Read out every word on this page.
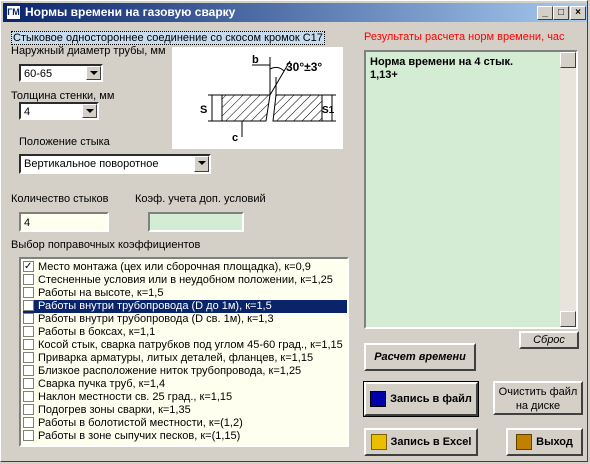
ГМ Нормы времени на газовую сварку	_	□	×
Стыковое одностороннее соединение со скосом кромок С17
b 30°±3°
S	S1
c
Наружный диаметр трубы, мм
60-65
Толщина стенки, мм
4
Положение стыка
Вертикальное поворотное
Количество стыков
4
Коэф. учета доп. условий
Выбор поправочных коэффициентов
✓Место монтажа (цех или сборочная площадка), к=0,9
Стесненные условия или в неудобном положении, к=1,25
Работы на высоте, к=1,5
Работы внутри трубопровода (D до 1м), к=1,5
Работы внутри трубопровода (D св. 1м), к=1,3
Работы в боксах, к=1,1
Косой стык, сварка патрубков под углом 45-60 град., к=1,15
Приварка арматуры, литых деталей, фланцев, к=1,15
Близкое расположение ниток трубопровода, к=1,25
Сварка пучка труб, к=1,4
Наклон местности св. 25 град., к=1,15
Подогрев зоны сварки, к=1,35
Работы в болотистой местности, к=(1,2)
Работы в зоне сыпучих песков, к=(1,15)
Результаты расчета норм времени, час
Норма времени на 4 стык.
1,13+
Сброс
Расчет времени
Запись в файл
Очистить файл на диске
Запись в Excel	Выход
